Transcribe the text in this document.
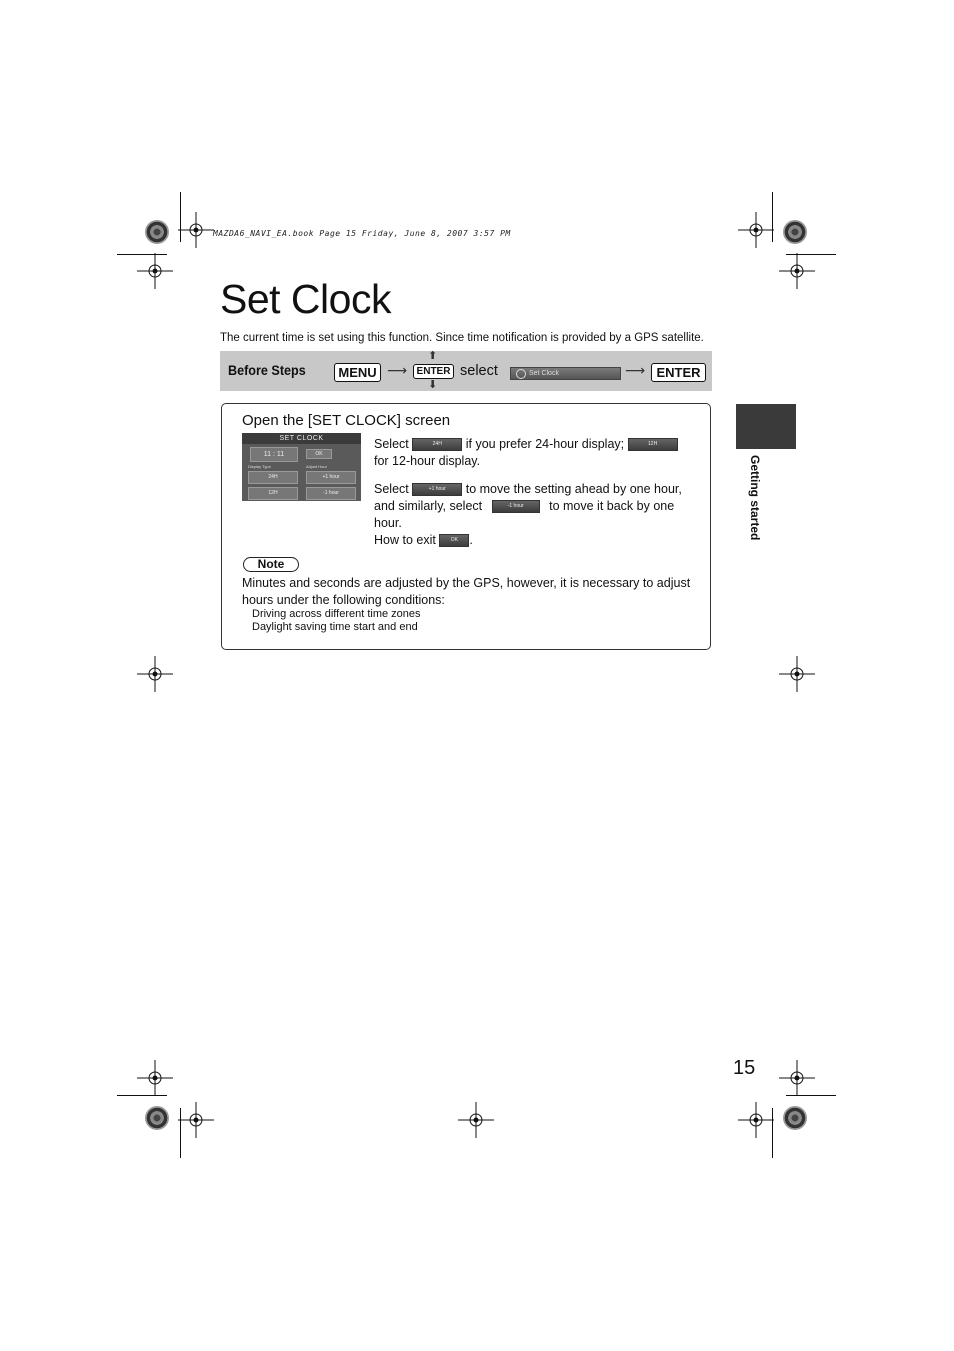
MAZDA6_NAVI_EA.book Page 15 Friday, June 8, 2007 3:57 PM
Set Clock
The current time is set using this function. Since time notification is provided by a GPS satellite.
Before Steps	MENU ⟶
⬆
ENTER
⬇
select	Set Clock	⟶ ENTER
Open the [SET CLOCK] screen
SET CLOCK
11 : 11	OK
Display Type	Adjust Hour
24H	+1 hour
12H	-1 hour
Select	24H if you prefer 24-hour display;	12H
for 12-hour display.
Select	+1 hour to move the setting ahead by one hour,
and similarly, select	-1 hour to move it back by one
hour.
How to exit	OK .
Note
Minutes and seconds are adjusted by the GPS, however, it is necessary to adjust hours under the following conditions:
Driving across different time zones
Daylight saving time start and end
Getting started
15
